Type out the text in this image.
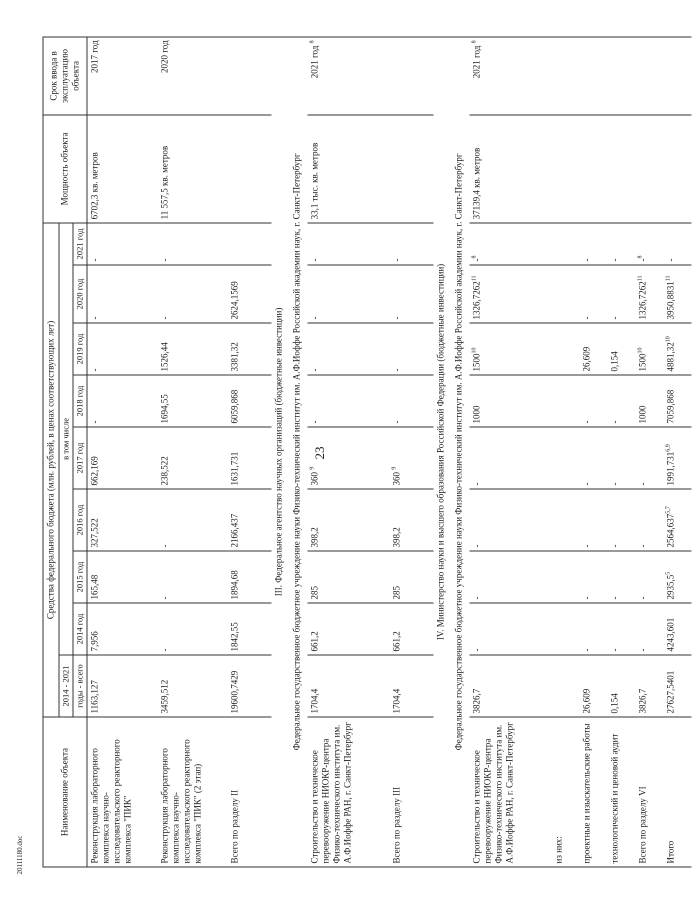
23
20111180.doc
Наименование объекта	Средства федерального бюджета (млн. рублей, в ценах соответствующих лет)									Мощность объекта	Срок ввода в эксплуатацию объекта
	2014 - 2021	в том числе									
	годы - всего	2014 год	2015 год	2016 год	2017 год	2018 год	2019 год	2020 год	2021 год		

Реконструкция лабораторного комплекса научно-исследовательского реакторного комплекса "ПИК"	1163,127	7,956	165,48	327,522	662,169	-	-	-	-	6702,3 кв. метров	2017 год
Реконструкция лабораторного комплекса научно-исследовательского реакторного комплекса "ПИК" (2 этап)	3459,512	-	-	-	238,522	1694,55	1526,44	-	-	11 557,5 кв. метров	2020 год
Всего по разделу II	19600,7429	1842,55	1894,68	2166,437	1631,731	6059,868	3381,32	2624,1569			
III. Федеральное агентство научных организаций (бюджетные инвестиции)											
Федеральное государственное бюджетное учреждение науки Физико-технический институт им. А.Ф.Иоффе Российской академии наук, г. Санкт-Петербург											
Строительство и техническое перевооружение НИОКР-центра Физико-технического института им. А.Ф.Иоффе РАН, г. Санкт-Петербург	1704,4	661,2	285	398,2	360 $^9$	-	-	-	-	33,1 тыс. кв. метров	2021 год $^8$
Всего по разделу III	1704,4	661,2	285	398,2	360 $^9$	-	-	-	-		
IV. Министерство науки и высшего образования Российской Федерации (бюджетные инвестиции)											
Федеральное государственное бюджетное учреждение науки Физико-технический институт им. А.Ф.Иоффе Российской академии наук, г. Санкт-Петербург											
Строительство и техническое перевооружение НИОКР-центра Физико-технического института им. А.Ф.Иоффе РАН, г. Санкт-Петербург	3826,7	-	-	-	-	1000	1500$^{10}$	1326,7262$^{11}$	-$^8$	37139,4 кв. метров	2021 год $^8$
из них:											
проектные и изыскательские работы	26,609	-	-	-	-	-	26,609	-	-		
технологический и ценовой аудит	0,154	-	-	-	-	-	0,154	-	-		
Всего по разделу VI	3826,7	-	-	-	-	1000	1500$^{10}$	1326,7262$^{11}$	-$^8$		
Итого	27627,5401	4243,601	2935,5$^5$	2564,637$^{5,7}$	1991,731$^{6,9}$	7059,868	4881,32$^{10}$	3950,8831$^{11}$	-		
